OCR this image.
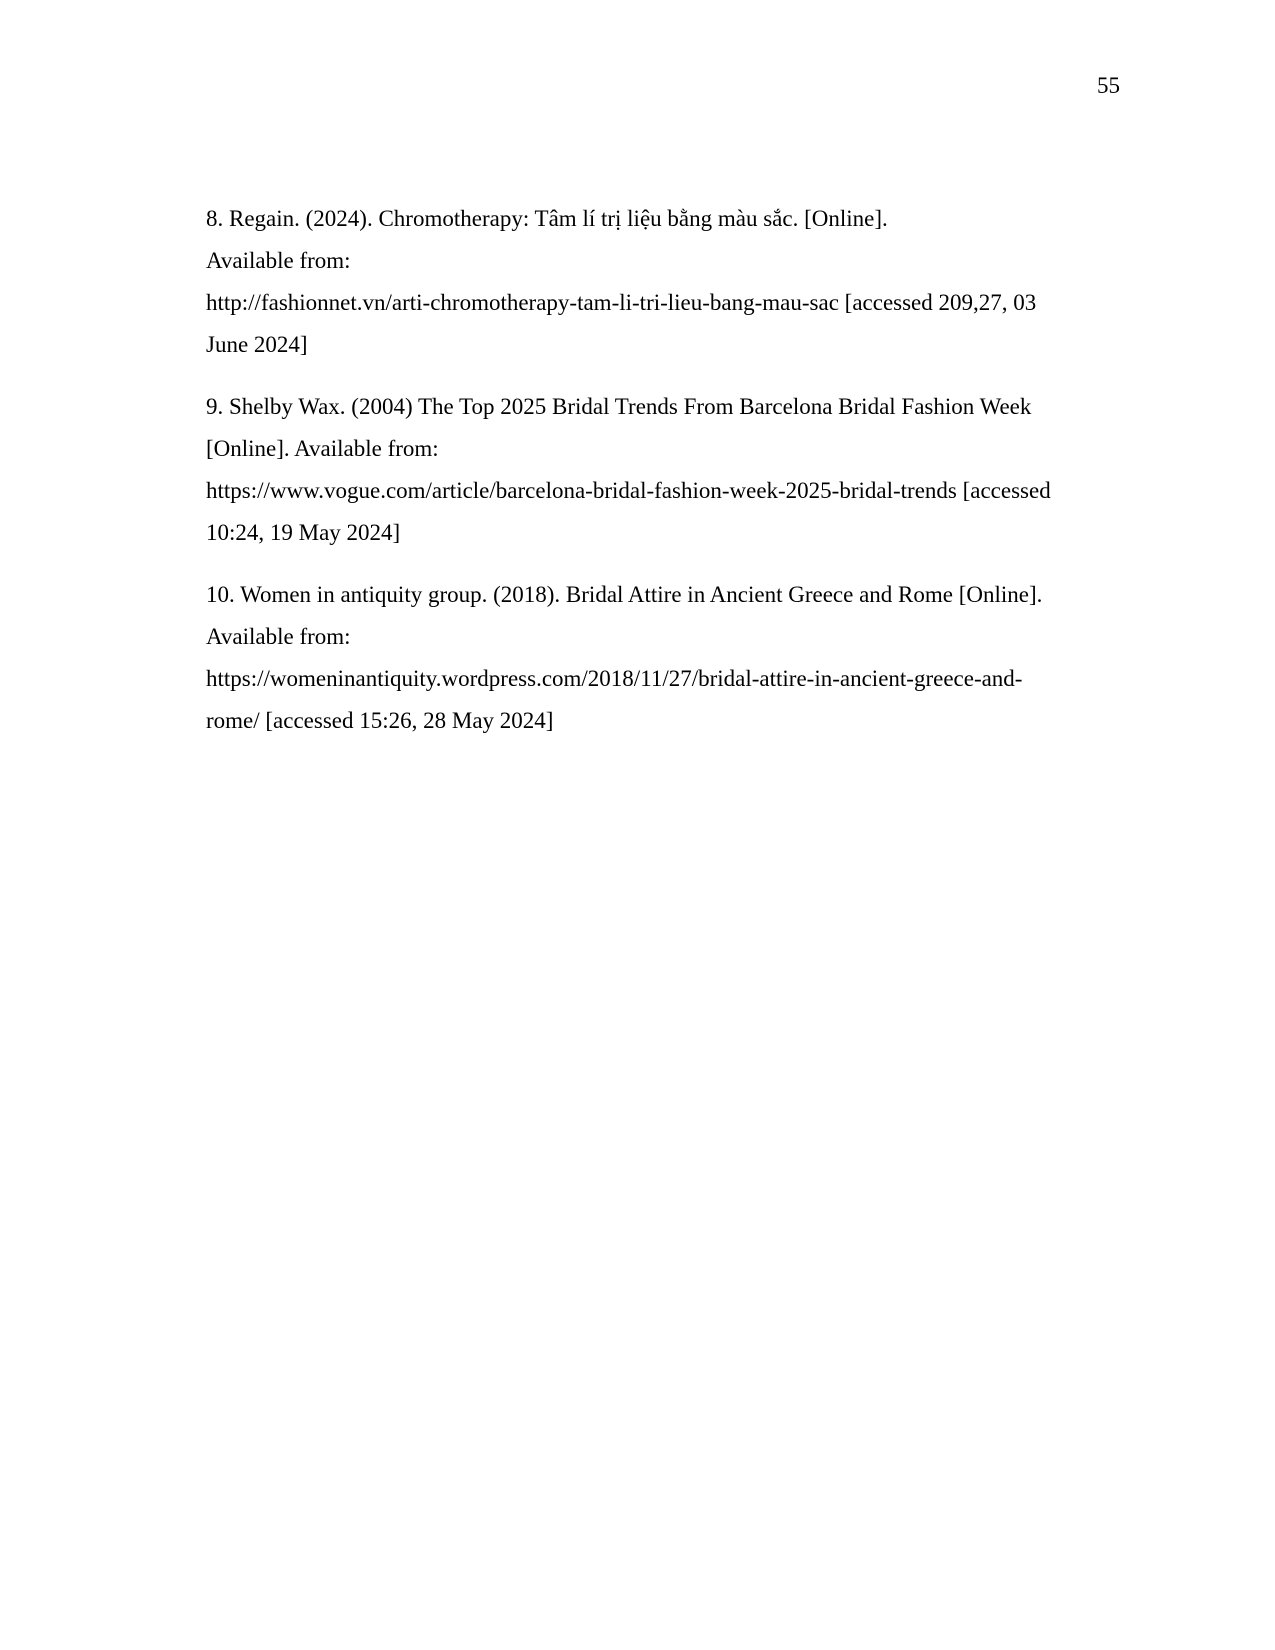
55
8. Regain. (2024). Chromotherapy: Tâm lí trị liệu bằng màu sắc. [Online].
Available from:
http://fashionnet.vn/arti-chromotherapy-tam-li-tri-lieu-bang-mau-sac [accessed 209,27, 03
June 2024]
9. Shelby Wax. (2004) The Top 2025 Bridal Trends From Barcelona Bridal Fashion Week
[Online]. Available from:
https://www.vogue.com/article/barcelona-bridal-fashion-week-2025-bridal-trends [accessed
10:24, 19 May 2024]
10. Women in antiquity group. (2018). Bridal Attire in Ancient Greece and Rome [Online].
Available from:
https://womeninantiquity.wordpress.com/2018/11/27/bridal-attire-in-ancient-greece-and-
rome/ [accessed 15:26, 28 May 2024]
